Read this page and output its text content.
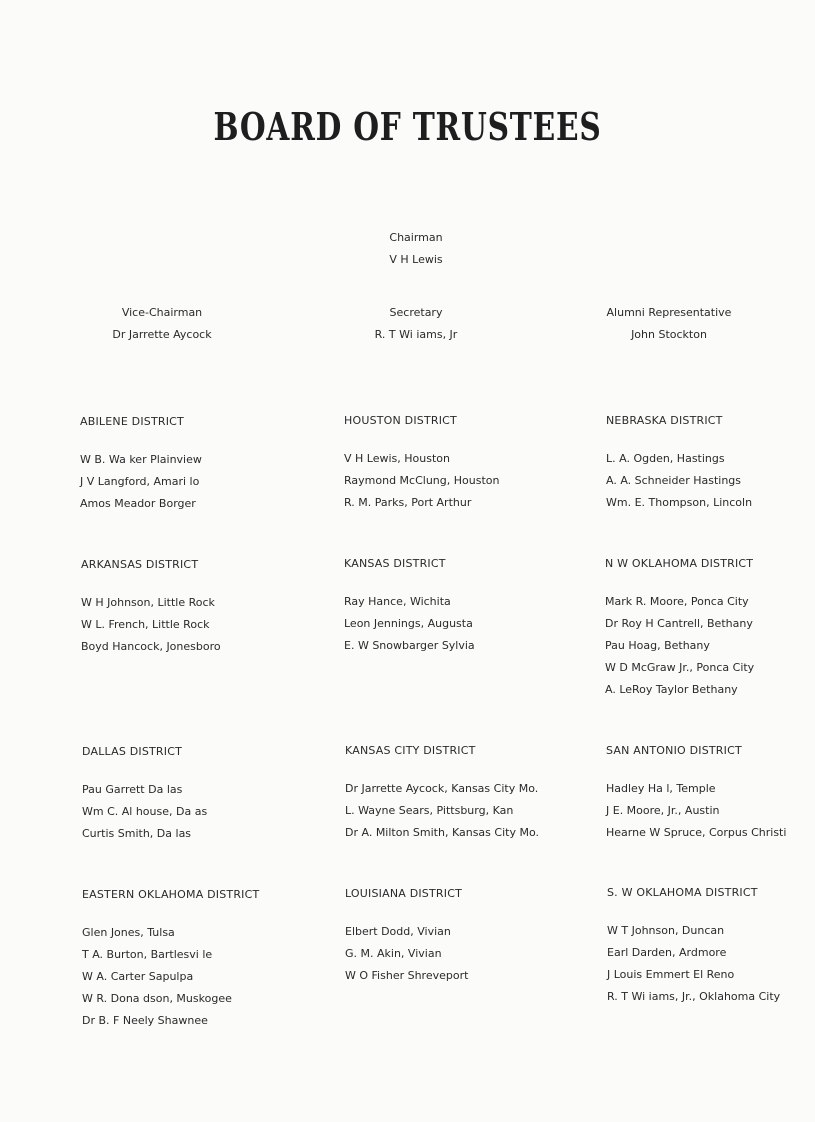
BOARD OF TRUSTEES
Chairman
V H Lewis
Vice-Chairman
Dr Jarrette Aycock
Secretary
R. T Wi iams, Jr
Alumni Representative
John Stockton
ABILENE DISTRICT
W B. Wa ker Plainview
J V Langford, Amari lo
Amos Meador Borger
HOUSTON DISTRICT
V H Lewis, Houston
Raymond McClung, Houston
R. M. Parks, Port Arthur
NEBRASKA DISTRICT
L. A. Ogden, Hastings
A. A. Schneider Hastings
Wm. E. Thompson, Lincoln
ARKANSAS DISTRICT
W H Johnson, Little Rock
W L. French, Little Rock
Boyd Hancock, Jonesboro
KANSAS DISTRICT
Ray Hance, Wichita
Leon Jennings, Augusta
E. W Snowbarger Sylvia
N W OKLAHOMA DISTRICT
Mark R. Moore, Ponca City
Dr Roy H Cantrell, Bethany
Pau Hoag, Bethany
W D McGraw Jr., Ponca City
A. LeRoy Taylor Bethany
DALLAS DISTRICT
Pau Garrett Da las
Wm C. Al house, Da as
Curtis Smith, Da las
KANSAS CITY DISTRICT
Dr Jarrette Aycock, Kansas City Mo.
L. Wayne Sears, Pittsburg, Kan
Dr A. Milton Smith, Kansas City Mo.
SAN ANTONIO DISTRICT
Hadley Ha l, Temple
J E. Moore, Jr., Austin
Hearne W Spruce, Corpus Christi
EASTERN OKLAHOMA DISTRICT
Glen Jones, Tulsa
T A. Burton, Bartlesvi le
W A. Carter Sapulpa
W R. Dona dson, Muskogee
Dr B. F Neely Shawnee
LOUISIANA DISTRICT
Elbert Dodd, Vivian
G. M. Akin, Vivian
W O Fisher Shreveport
S. W OKLAHOMA DISTRICT
W T Johnson, Duncan
Earl Darden, Ardmore
J Louis Emmert El Reno
R. T Wi iams, Jr., Oklahoma City
